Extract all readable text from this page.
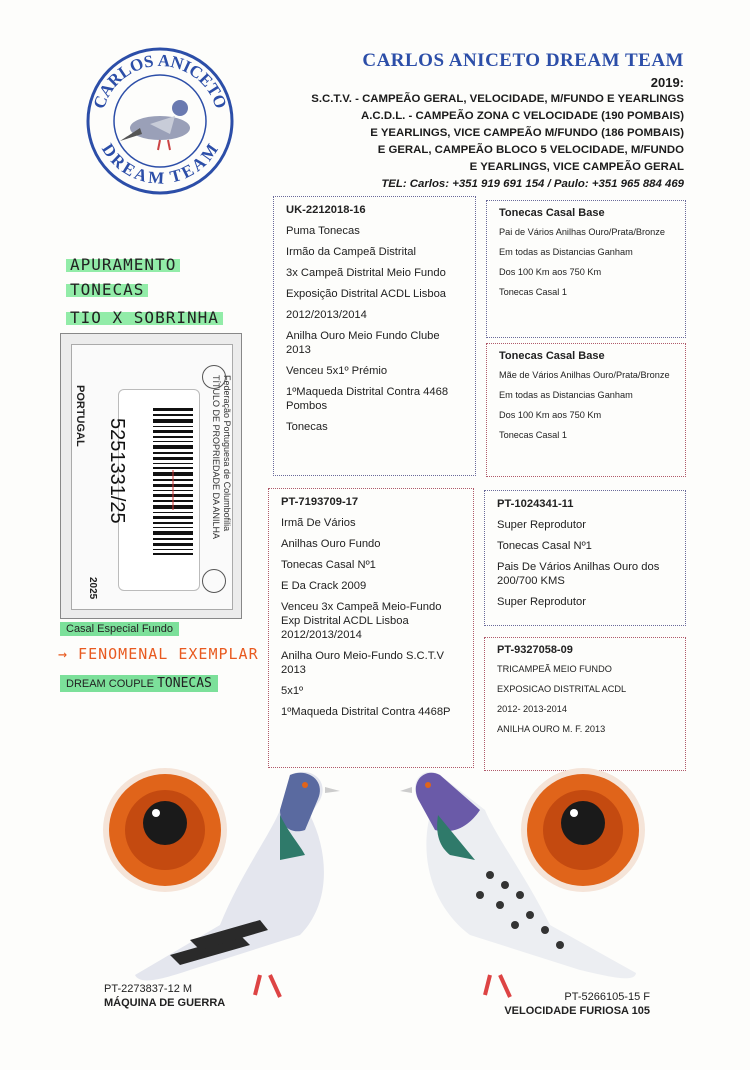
CARLOS ANICETO
DREAM TEAM
CARLOS ANICETO DREAM TEAM
2019:
S.C.T.V. - CAMPEÃO GERAL, VELOCIDADE, M/FUNDO E YEARLINGS
A.C.D.L. - CAMPEÃO ZONA C VELOCIDADE (190 POMBAIS)
E YEARLINGS, VICE CAMPEÃO M/FUNDO (186 POMBAIS)
E GERAL, CAMPEÃO BLOCO 5 VELOCIDADE, M/FUNDO
E YEARLINGS, VICE CAMPEÃO GERAL
TEL: Carlos: +351 919 691 154 / Paulo: +351 965 884 469
APURAMENTO
TONECAS
TIO X SOBRINHA
PORTUGAL
5251331/25
2025
Federação Portuguesa de Columbofilia
TÍTULO DE PROPRIEDADE DA ANILHA
Casal Especial Fundo
→ FENOMENAL EXEMPLAR
DREAM COUPLE TONECAS
UK-2212018-16
Puma Tonecas
Irmão da Campeã Distrital
3x Campeã Distrital Meio Fundo
Exposição Distrital ACDL Lisboa
2012/2013/2014
Anilha Ouro Meio Fundo Clube 2013
Venceu 5x1º Prémio
1ºMaqueda Distrital Contra 4468 Pombos
Tonecas
Tonecas Casal Base
Pai de Vários Anilhas Ouro/Prata/Bronze
Em todas as Distancias Ganham
Dos 100 Km aos 750 Km
Tonecas Casal 1
Tonecas Casal Base
Mãe de Vários Anilhas Ouro/Prata/Bronze
Em todas as Distancias Ganham
Dos 100 Km aos 750 Km
Tonecas Casal 1
PT-7193709-17
Irmã De Vários
Anilhas Ouro Fundo
Tonecas Casal Nº1
E Da Crack 2009
Venceu 3x Campeã Meio-Fundo Exp Distrital ACDL Lisboa 2012/2013/2014
Anilha Ouro Meio-Fundo S.C.T.V 2013
5x1º
1ºMaqueda Distrital Contra 4468P
PT-1024341-11
Super Reprodutor
Tonecas Casal Nº1
Pais De Vários Anilhas Ouro dos 200/700 KMS
Super Reprodutor
PT-9327058-09
TRICAMPEÃ MEIO FUNDO
EXPOSICAO DISTRITAL ACDL
2012- 2013-2014
ANILHA OURO M. F. 2013
PT-2273837-12 M
MÁQUINA DE GUERRA	PT-5266105-15 F
VELOCIDADE FURIOSA 105
